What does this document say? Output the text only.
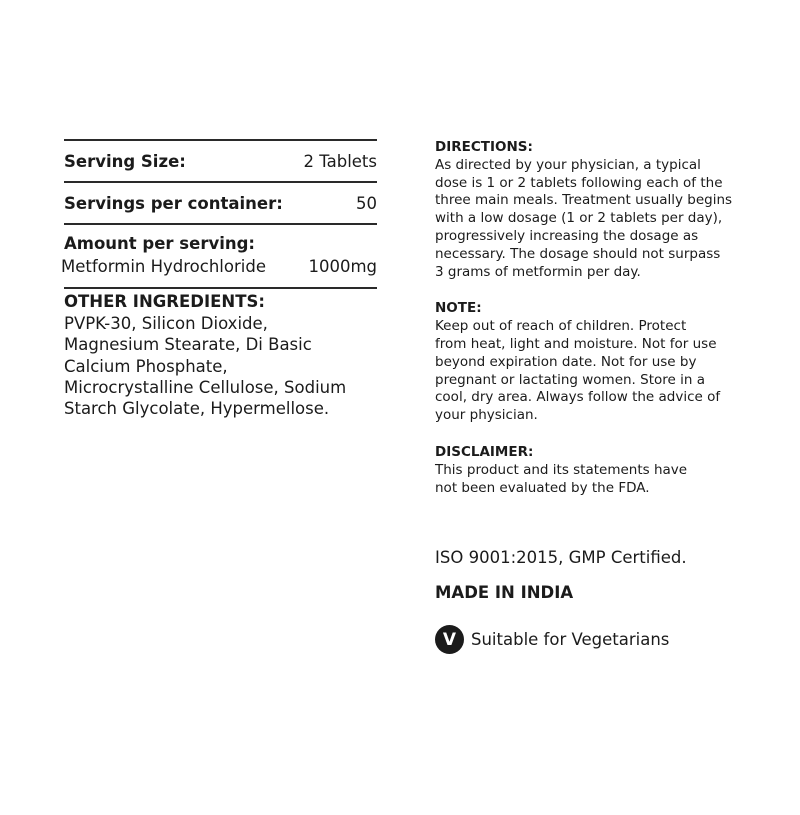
Serving Size:	2 Tablets
Servings per container:	50
Amount per serving:
Metformin Hydrochloride	1000mg
OTHER INGREDIENTS:
PVPK-30, Silicon Dioxide,
Magnesium Stearate, Di Basic
Calcium Phosphate,
Microcrystalline Cellulose, Sodium
Starch Glycolate, Hypermellose.
DIRECTIONS:
As directed by your physician, a typical
dose is 1 or 2 tablets following each of the
three main meals. Treatment usually begins
with a low dosage (1 or 2 tablets per day),
progressively increasing the dosage as
necessary. The dosage should not surpass
3 grams of metformin per day.
NOTE:
Keep out of reach of children. Protect
from heat, light and moisture. Not for use
beyond expiration date. Not for use by
pregnant or lactating women. Store in a
cool, dry area. Always follow the advice of
your physician.
DISCLAIMER:
This product and its statements have
not been evaluated by the FDA.
ISO 9001:2015, GMP Certified.
MADE IN INDIA
V Suitable for Vegetarians
